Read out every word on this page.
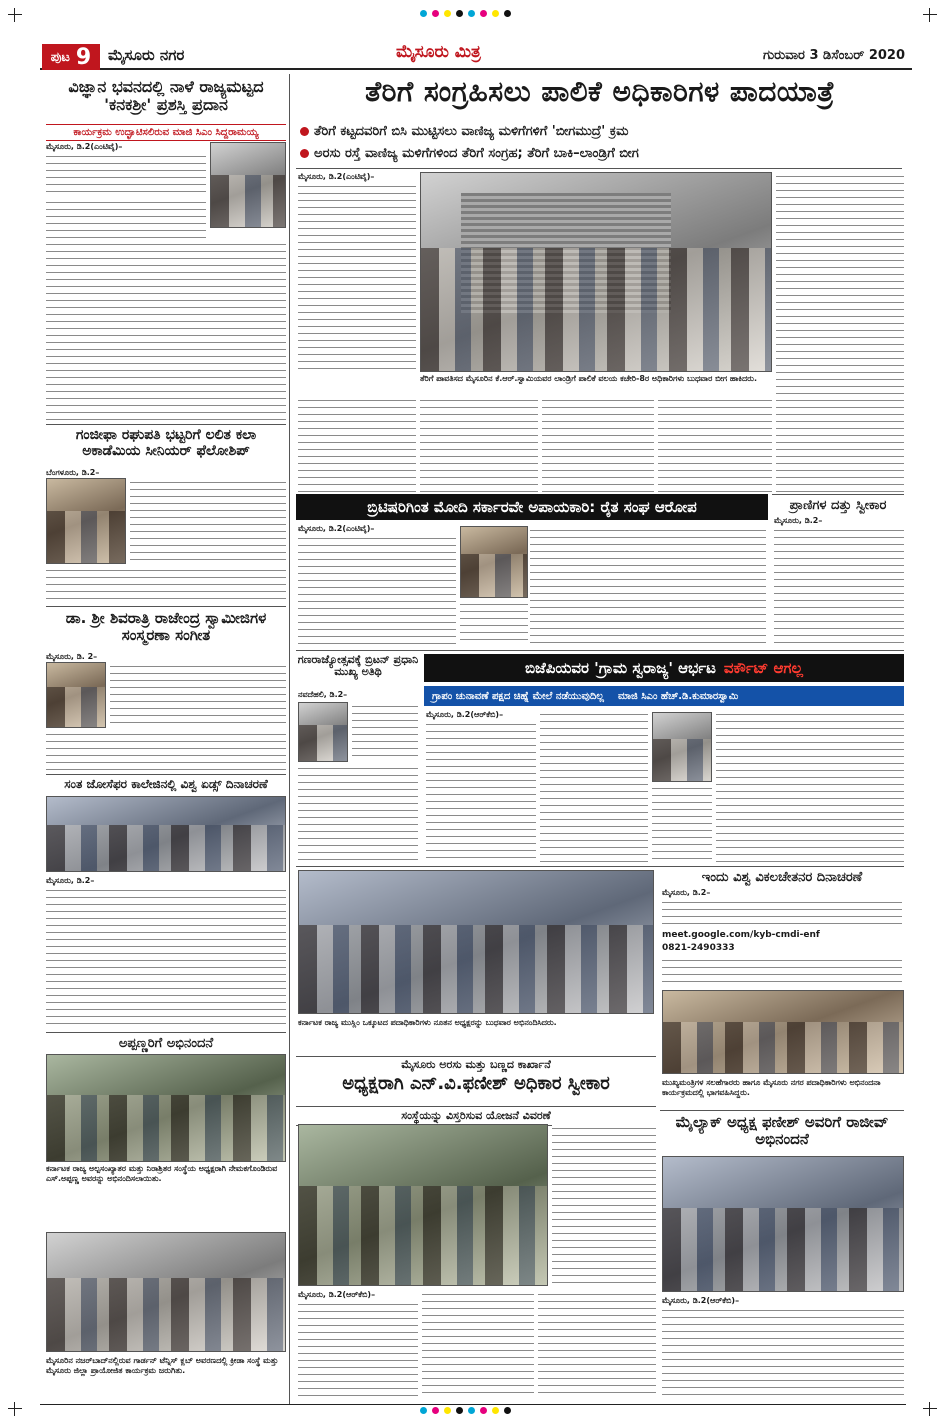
ಪುಟ 9 ಮೈಸೂರು ನಗರ	ಮೈಸೂರು ಮಿತ್ರ	ಗುರುವಾರ 3 ಡಿಸೆಂಬರ್ 2020
ವಿಜ್ಞಾನ ಭವನದಲ್ಲಿ ನಾಳೆ ರಾಜ್ಯಮಟ್ಟದ 'ಕನಕಶ್ರೀ' ಪ್ರಶಸ್ತಿ ಪ್ರದಾನ
ಕಾರ್ಯಕ್ರಮ ಉದ್ಘಾಟಿಸಲಿರುವ ಮಾಜಿ ಸಿಎಂ ಸಿದ್ದರಾಮಯ್ಯ
ಮೈಸೂರು, ಡಿ.2(ಎಂಟಿವೈ)–
ಗಂಜೀಫಾ ರಘುಪತಿ ಭಟ್ಟರಿಗೆ ಲಲಿತ ಕಲಾ ಅಕಾಡೆಮಿಯ ಸೀನಿಯರ್ ಫೆಲೋಶಿಪ್
ಬೆಂಗಳೂರು, ಡಿ.2–
ಡಾ. ಶ್ರೀ ಶಿವರಾತ್ರಿ ರಾಜೇಂದ್ರ ಸ್ವಾಮೀಜಿಗಳ ಸಂಸ್ಮರಣಾ ಸಂಗೀತ
ಮೈಸೂರು, ಡಿ. 2–
ಸಂತ ಜೋಸೆಫರ ಕಾಲೇಜಿನಲ್ಲಿ ವಿಶ್ವ ಏಡ್ಸ್ ದಿನಾಚರಣೆ
ಮೈಸೂರು, ಡಿ.2–
ಅಪ್ಪಣ್ಣರಿಗೆ ಅಭಿನಂದನೆ
ಕರ್ನಾಟಕ ರಾಜ್ಯ ಅಲ್ಪಸಂಖ್ಯಾತರ ಮತ್ತು ನಿರಾಶ್ರಿತರ ಸಂಸ್ಥೆಯ ಅಧ್ಯಕ್ಷರಾಗಿ ನೇಮಕಗೊಂಡಿರುವ ಎಸ್.ಅಪ್ಪಣ್ಣ ಅವರನ್ನು ಅಭಿನಂದಿಸಲಾಯಿತು.
ಮೈಸೂರಿನ ನಜರ್‌ಬಾದ್‌ನಲ್ಲಿರುವ ಗಾರ್ಡನ್ ಟೆನ್ನಿಸ್ ಕ್ಲಬ್ ಅವರಣದಲ್ಲಿ ಕ್ರೀಡಾ ಸಂಸ್ಥೆ ಮತ್ತು ಮೈಸೂರು ಜಿಲ್ಲಾ ಪ್ರಾಯೋಜಿತ ಕಾರ್ಯಕ್ರಮ ಜರುಗಿತು.
ತೆರಿಗೆ ಸಂಗ್ರಹಿಸಲು ಪಾಲಿಕೆ ಅಧಿಕಾರಿಗಳ ಪಾದಯಾತ್ರೆ
ತೆರಿಗೆ ಕಟ್ಟದವರಿಗೆ ಬಿಸಿ ಮುಟ್ಟಿಸಲು ವಾಣಿಜ್ಯ ಮಳಿಗೆಗಳಿಗೆ 'ಬೀಗಮುದ್ರೆ' ಕ್ರಮ
ಅರಸು ರಸ್ತೆ ವಾಣಿಜ್ಯ ಮಳಿಗೆಗಳಿಂದ ತೆರಿಗೆ ಸಂಗ್ರಹ; ತೆರಿಗೆ ಬಾಕಿ–ಲಾಂಡ್ರಿಗೆ ಬೀಗ
ಮೈಸೂರು, ಡಿ.2(ಎಂಟಿವೈ)–
ತೆರಿಗೆ ಪಾವತಿಸದ ಮೈಸೂರಿನ ಕೆ.ಆರ್.ಸ್ವಾಮಿಯವರ ಲಾಂಡ್ರಿಗೆ ಪಾಲಿಕೆ ವಲಯ ಕಚೇರಿ-8ರ ಅಧಿಕಾರಿಗಳು ಬುಧವಾರ ಬೀಗ ಹಾಕಿದರು.
ಬ್ರಿಟಿಷರಿಗಿಂತ ಮೋದಿ ಸರ್ಕಾರವೇ ಅಪಾಯಕಾರಿ: ರೈತ ಸಂಘ ಆರೋಪ
ಮೈಸೂರು, ಡಿ.2(ಎಂಟಿವೈ)–
ಪ್ರಾಣಿಗಳ ದತ್ತು ಸ್ವೀಕಾರ
ಮೈಸೂರು, ಡಿ.2–
ಗಣರಾಜ್ಯೋತ್ಸವಕ್ಕೆ ಬ್ರಿಟನ್ ಪ್ರಧಾನಿ ಮುಖ್ಯ ಅತಿಥಿ
ನವದೆಹಲಿ, ಡಿ.2–
ಬಿಜೆಪಿಯವರ 'ಗ್ರಾಮ ಸ್ವರಾಜ್ಯ' ಆರ್ಭಟ ವರ್ಕೌಟ್ ಆಗಲ್ಲ
ಗ್ರಾಪಂ ಚುನಾವಣೆ ಪಕ್ಷದ ಚಿಹ್ನೆ ಮೇಲೆ ನಡೆಯುವುದಿಲ್ಲ ಮಾಜಿ ಸಿಎಂ ಹೆಚ್.ಡಿ.ಕುಮಾರಸ್ವಾಮಿ
ಮೈಸೂರು, ಡಿ.2(ಆರ್‌ಕೆಬಿ)–
ಕರ್ನಾಟಕ ರಾಜ್ಯ ಮುಸ್ಲಿಂ ಒಕ್ಕೂಟದ ಪದಾಧಿಕಾರಿಗಳು ನೂತನ ಅಧ್ಯಕ್ಷರನ್ನು ಬುಧವಾರ ಅಭಿನಂದಿಸಿದರು.
ಇಂದು ವಿಶ್ವ ವಿಕಲಚೇತನರ ದಿನಾಚರಣೆ
ಮೈಸೂರು, ಡಿ.2–
meet.google.com/kyb-cmdi-enf
0821-2490333
ಮುಖ್ಯಮಂತ್ರಿಗಳ ಸಲಹೆಗಾರರು ಹಾಗೂ ಮೈಸೂರು ನಗರ ಪದಾಧಿಕಾರಿಗಳು ಅಭಿನಂದನಾ ಕಾರ್ಯಕ್ರಮದಲ್ಲಿ ಭಾಗವಹಿಸಿದ್ದರು.
ಮೈಸೂರು ಅರಸು ಮತ್ತು ಬಣ್ಣದ ಕಾರ್ಖಾನೆ
ಅಧ್ಯಕ್ಷರಾಗಿ ಎನ್.ವಿ.ಫಣೀಶ್ ಅಧಿಕಾರ ಸ್ವೀಕಾರ
ಸಂಸ್ಥೆಯನ್ನು ವಿಸ್ತರಿಸುವ ಯೋಜನೆ ವಿವರಣೆ
ಮೈಸೂರು, ಡಿ.2(ಆರ್‌ಕೆಬಿ)–
ಮೈಲ್ಯಾಕ್ ಅಧ್ಯಕ್ಷ ಫಣೀಶ್ ಅವರಿಗೆ ರಾಜೀವ್ ಅಭಿನಂದನೆ
ಮೈಸೂರು, ಡಿ.2(ಆರ್‌ಕೆಬಿ)–
